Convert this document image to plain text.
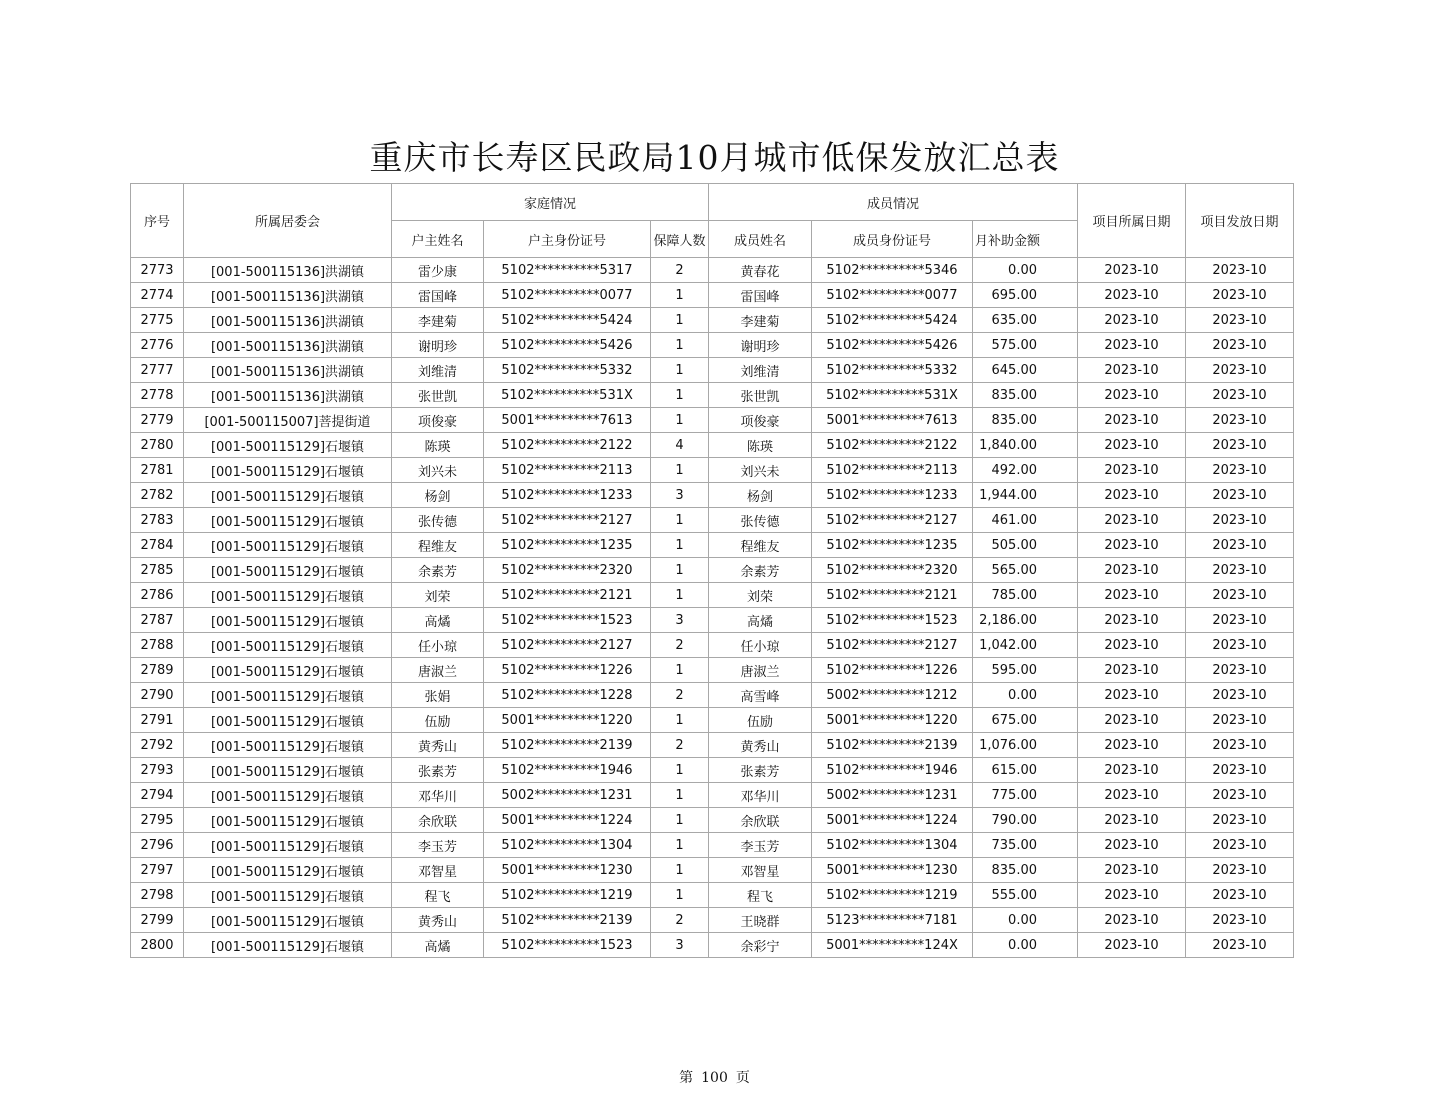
重庆市长寿区民政局10月城市低保发放汇总表
序号	所属居委会	家庭情况			成员情况			项目所属日期	项目发放日期
		户主姓名	户主身份证号	保障人数	成员姓名	成员身份证号	月补助金额		
2773	[001-500115136]洪湖镇	雷少康	5102**********5317	2	黄春花	5102**********5346	0.00	2023-10	2023-10
2774	[001-500115136]洪湖镇	雷国峰	5102**********0077	1	雷国峰	5102**********0077	695.00	2023-10	2023-10
2775	[001-500115136]洪湖镇	李建菊	5102**********5424	1	李建菊	5102**********5424	635.00	2023-10	2023-10
2776	[001-500115136]洪湖镇	谢明珍	5102**********5426	1	谢明珍	5102**********5426	575.00	2023-10	2023-10
2777	[001-500115136]洪湖镇	刘维清	5102**********5332	1	刘维清	5102**********5332	645.00	2023-10	2023-10
2778	[001-500115136]洪湖镇	张世凯	5102**********531X	1	张世凯	5102**********531X	835.00	2023-10	2023-10
2779	[001-500115007]菩提街道	项俊豪	5001**********7613	1	项俊豪	5001**********7613	835.00	2023-10	2023-10
2780	[001-500115129]石堰镇	陈瑛	5102**********2122	4	陈瑛	5102**********2122	1,840.00	2023-10	2023-10
2781	[001-500115129]石堰镇	刘兴未	5102**********2113	1	刘兴未	5102**********2113	492.00	2023-10	2023-10
2782	[001-500115129]石堰镇	杨剑	5102**********1233	3	杨剑	5102**********1233	1,944.00	2023-10	2023-10
2783	[001-500115129]石堰镇	张传德	5102**********2127	1	张传德	5102**********2127	461.00	2023-10	2023-10
2784	[001-500115129]石堰镇	程维友	5102**********1235	1	程维友	5102**********1235	505.00	2023-10	2023-10
2785	[001-500115129]石堰镇	余素芳	5102**********2320	1	余素芳	5102**********2320	565.00	2023-10	2023-10
2786	[001-500115129]石堰镇	刘荣	5102**********2121	1	刘荣	5102**********2121	785.00	2023-10	2023-10
2787	[001-500115129]石堰镇	高燏	5102**********1523	3	高燏	5102**********1523	2,186.00	2023-10	2023-10
2788	[001-500115129]石堰镇	任小琼	5102**********2127	2	任小琼	5102**********2127	1,042.00	2023-10	2023-10
2789	[001-500115129]石堰镇	唐淑兰	5102**********1226	1	唐淑兰	5102**********1226	595.00	2023-10	2023-10
2790	[001-500115129]石堰镇	张娟	5102**********1228	2	高雪峰	5002**********1212	0.00	2023-10	2023-10
2791	[001-500115129]石堰镇	伍励	5001**********1220	1	伍励	5001**********1220	675.00	2023-10	2023-10
2792	[001-500115129]石堰镇	黄秀山	5102**********2139	2	黄秀山	5102**********2139	1,076.00	2023-10	2023-10
2793	[001-500115129]石堰镇	张素芳	5102**********1946	1	张素芳	5102**********1946	615.00	2023-10	2023-10
2794	[001-500115129]石堰镇	邓华川	5002**********1231	1	邓华川	5002**********1231	775.00	2023-10	2023-10
2795	[001-500115129]石堰镇	余欣联	5001**********1224	1	余欣联	5001**********1224	790.00	2023-10	2023-10
2796	[001-500115129]石堰镇	李玉芳	5102**********1304	1	李玉芳	5102**********1304	735.00	2023-10	2023-10
2797	[001-500115129]石堰镇	邓智星	5001**********1230	1	邓智星	5001**********1230	835.00	2023-10	2023-10
2798	[001-500115129]石堰镇	程飞	5102**********1219	1	程飞	5102**********1219	555.00	2023-10	2023-10
2799	[001-500115129]石堰镇	黄秀山	5102**********2139	2	王晓群	5123**********7181	0.00	2023-10	2023-10
2800	[001-500115129]石堰镇	高燏	5102**********1523	3	余彩宁	5001**********124X	0.00	2023-10	2023-10
第 100 页
